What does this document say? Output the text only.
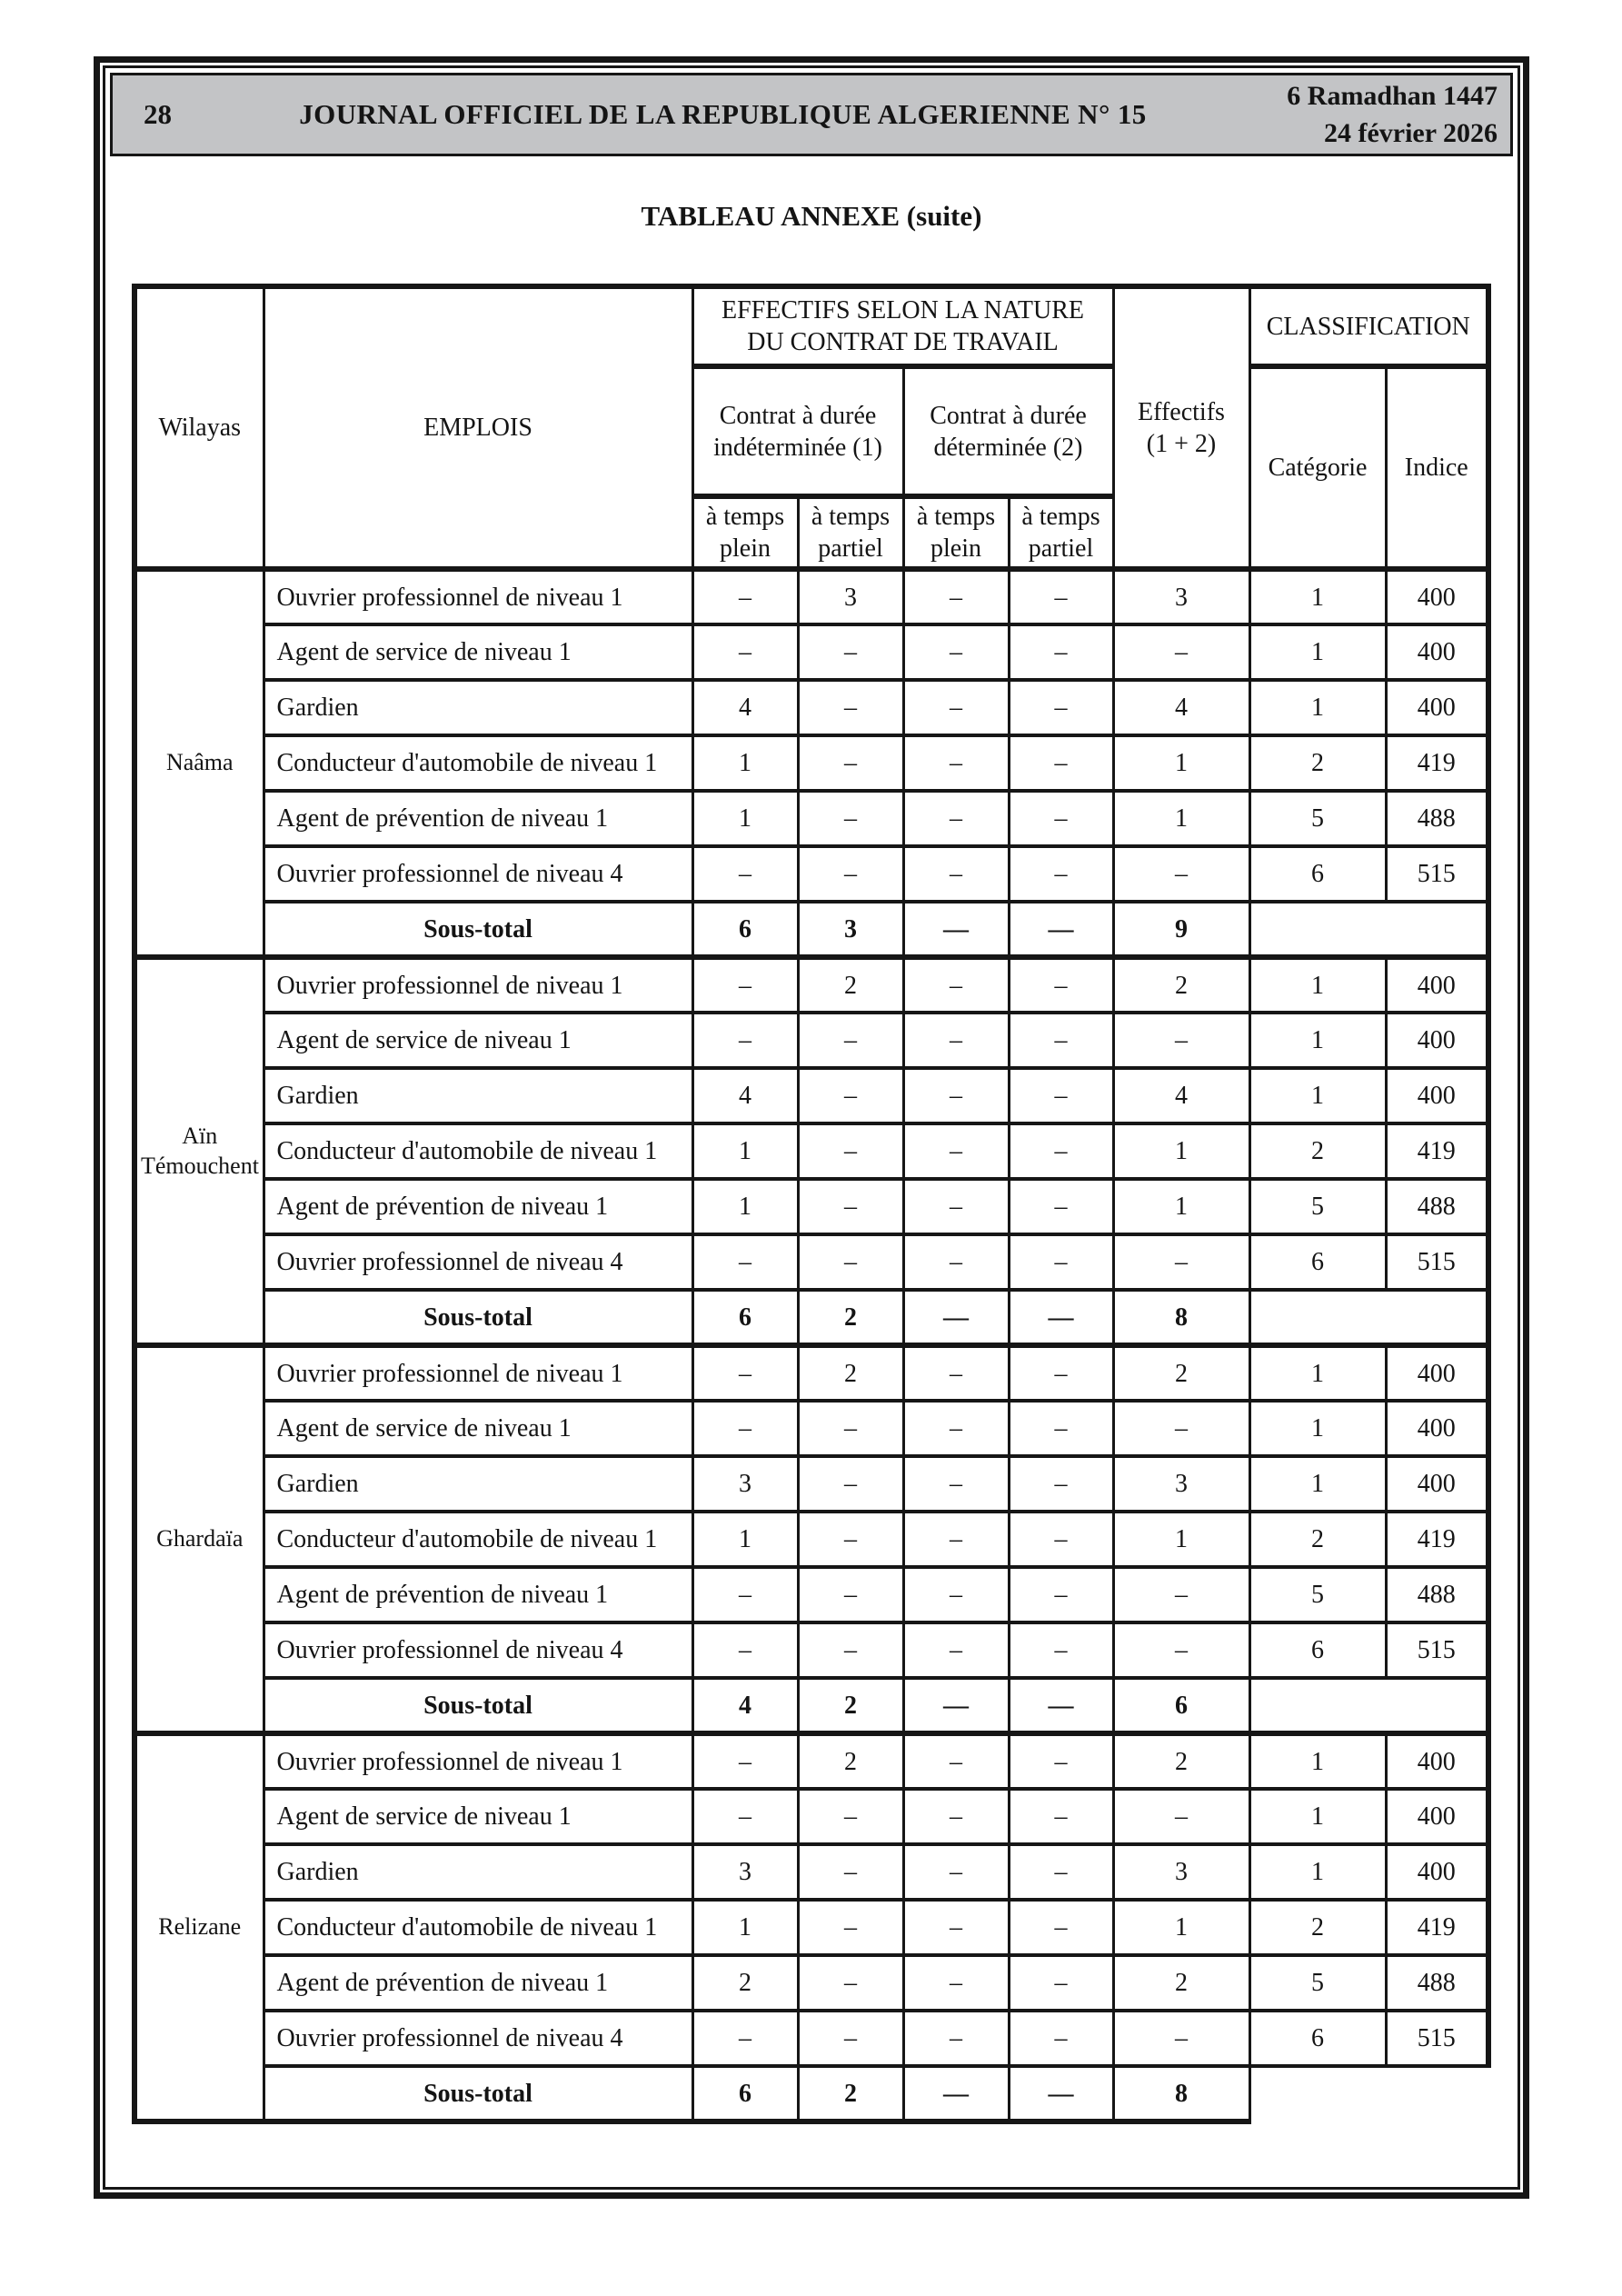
28	JOURNAL OFFICIEL DE LA REPUBLIQUE ALGERIENNE N° 15
6 Ramadhan 1447
24 février 2026
TABLEAU ANNEXE (suite)
Wilayas	EMPLOIS	EFFECTIFS SELON LA NATURE DU CONTRAT DE TRAVAIL				Effectifs (1 + 2)	CLASSIFICATION	
		Contrat à durée indéterminée (1)		Contrat à durée déterminée (2)			Catégorie	Indice
		à temps plein	à temps partiel	à temps plein	à temps partiel			
Naâma	Ouvrier professionnel de niveau 1	–	3	–	–	3	1	400
	Agent de service de niveau 1	–	–	–	–	–	1	400
	Gardien	4	–	–	–	4	1	400
	Conducteur d'automobile de niveau 1	1	–	–	–	1	2	419
	Agent de prévention de niveau 1	1	–	–	–	1	5	488
	Ouvrier professionnel de niveau 4	–	–	–	–	–	6	515
	Sous-total	6	3	—	—	9		
Aïn Témouchent	Ouvrier professionnel de niveau 1	–	2	–	–	2	1	400
	Agent de service de niveau 1	–	–	–	–	–	1	400
	Gardien	4	–	–	–	4	1	400
	Conducteur d'automobile de niveau 1	1	–	–	–	1	2	419
	Agent de prévention de niveau 1	1	–	–	–	1	5	488
	Ouvrier professionnel de niveau 4	–	–	–	–	–	6	515
	Sous-total	6	2	—	—	8		
Ghardaïa	Ouvrier professionnel de niveau 1	–	2	–	–	2	1	400
	Agent de service de niveau 1	–	–	–	–	–	1	400
	Gardien	3	–	–	–	3	1	400
	Conducteur d'automobile de niveau 1	1	–	–	–	1	2	419
	Agent de prévention de niveau 1	–	–	–	–	–	5	488
	Ouvrier professionnel de niveau 4	–	–	–	–	–	6	515
	Sous-total	4	2	—	—	6		
Relizane	Ouvrier professionnel de niveau 1	–	2	–	–	2	1	400
	Agent de service de niveau 1	–	–	–	–	–	1	400
	Gardien	3	–	–	–	3	1	400
	Conducteur d'automobile de niveau 1	1	–	–	–	1	2	419
	Agent de prévention de niveau 1	2	–	–	–	2	5	488
	Ouvrier professionnel de niveau 4	–	–	–	–	–	6	515
	Sous-total	6	2	—	—	8		
